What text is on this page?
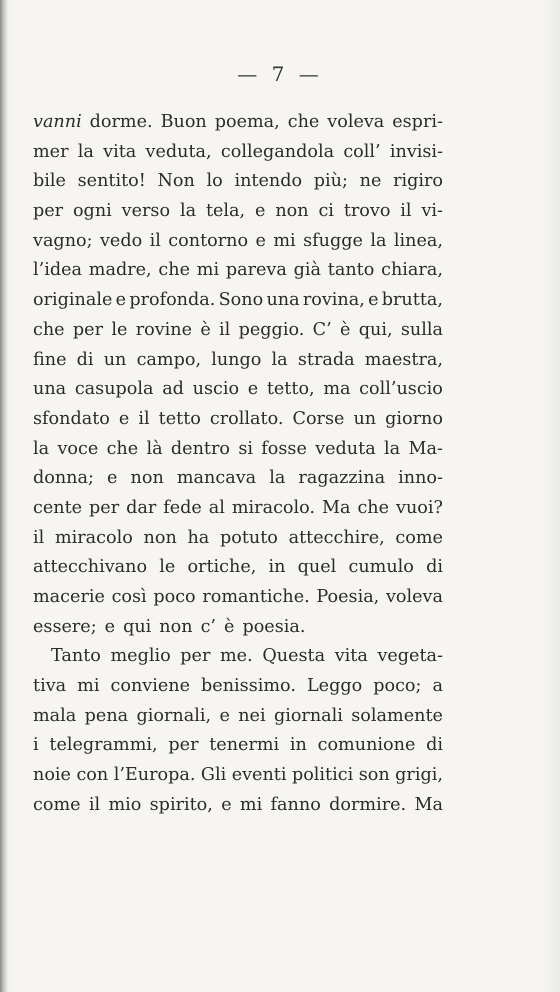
— 7 —
vanni dorme. Buon poema, che voleva espri-
mer la vita veduta, collegandola coll’ invisi-
bile sentito! Non lo intendo più; ne rigiro
per ogni verso la tela, e non ci trovo il vi-
vagno; vedo il contorno e mi sfugge la linea,
l’idea madre, che mi pareva già tanto chiara,
originale e profonda. Sono una rovina, e brutta,
che per le rovine è il peggio. C’ è qui, sulla
fine di un campo, lungo la strada maestra,
una casupola ad uscio e tetto, ma coll’uscio
sfondato e il tetto crollato. Corse un giorno
la voce che là dentro si fosse veduta la Ma-
donna; e non mancava la ragazzina inno-
cente per dar fede al miracolo. Ma che vuoi?
il miracolo non ha potuto attecchire, come
attecchivano le ortiche, in quel cumulo di
macerie così poco romantiche. Poesia, voleva
essere; e qui non c’ è poesia.
Tanto meglio per me. Questa vita vegeta-
tiva mi conviene benissimo. Leggo poco; a
mala pena giornali, e nei giornali solamente
i telegrammi, per tenermi in comunione di
noie con l’Europa. Gli eventi politici son grigi,
come il mio spirito, e mi fanno dormire. Ma
